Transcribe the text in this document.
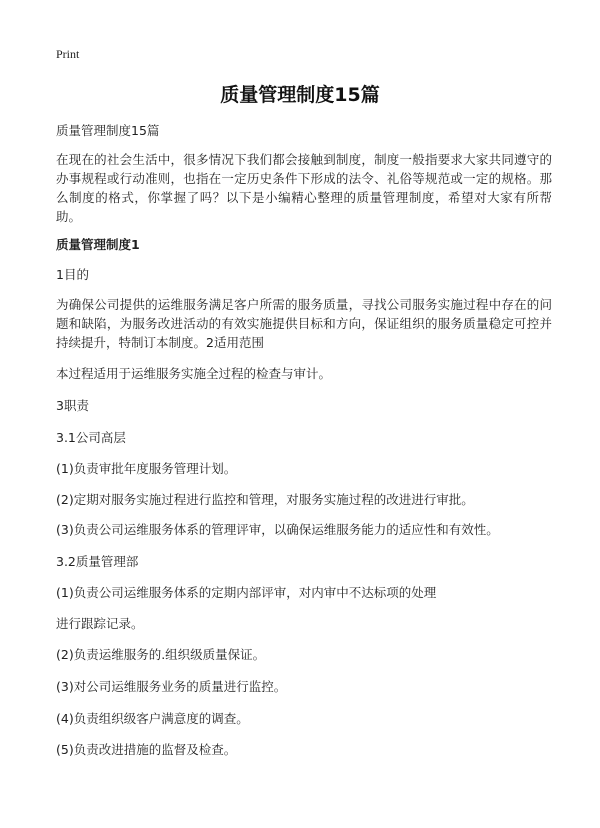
Print
质量管理制度15篇

质量管理制度15篇

在现在的社会生活中，很多情况下我们都会接触到制度，制度一般指要求大家共同遵守的办事规程或行动准则，也指在一定历史条件下形成的法令、礼俗等规范或一定的规格。那么制度的格式，你掌握了吗？以下是小编精心整理的质量管理制度，希望对大家有所帮助。

质量管理制度1

1目的

为确保公司提供的运维服务满足客户所需的服务质量，寻找公司服务实施过程中存在的问题和缺陷，为服务改进活动的有效实施提供目标和方向，保证组织的服务质量稳定可控并持续提升，特制订本制度。2适用范围

本过程适用于运维服务实施全过程的检查与审计。

3职责

3.1公司高层

(1)负责审批年度服务管理计划。

(2)定期对服务实施过程进行监控和管理，对服务实施过程的改进进行审批。

(3)负责公司运维服务体系的管理评审，以确保运维服务能力的适应性和有效性。

3.2质量管理部

(1)负责公司运维服务体系的定期内部评审，对内审中不达标项的处理

进行跟踪记录。

(2)负责运维服务的.组织级质量保证。

(3)对公司运维服务业务的质量进行监控。

(4)负责组织级客户满意度的调查。

(5)负责改进措施的监督及检查。
